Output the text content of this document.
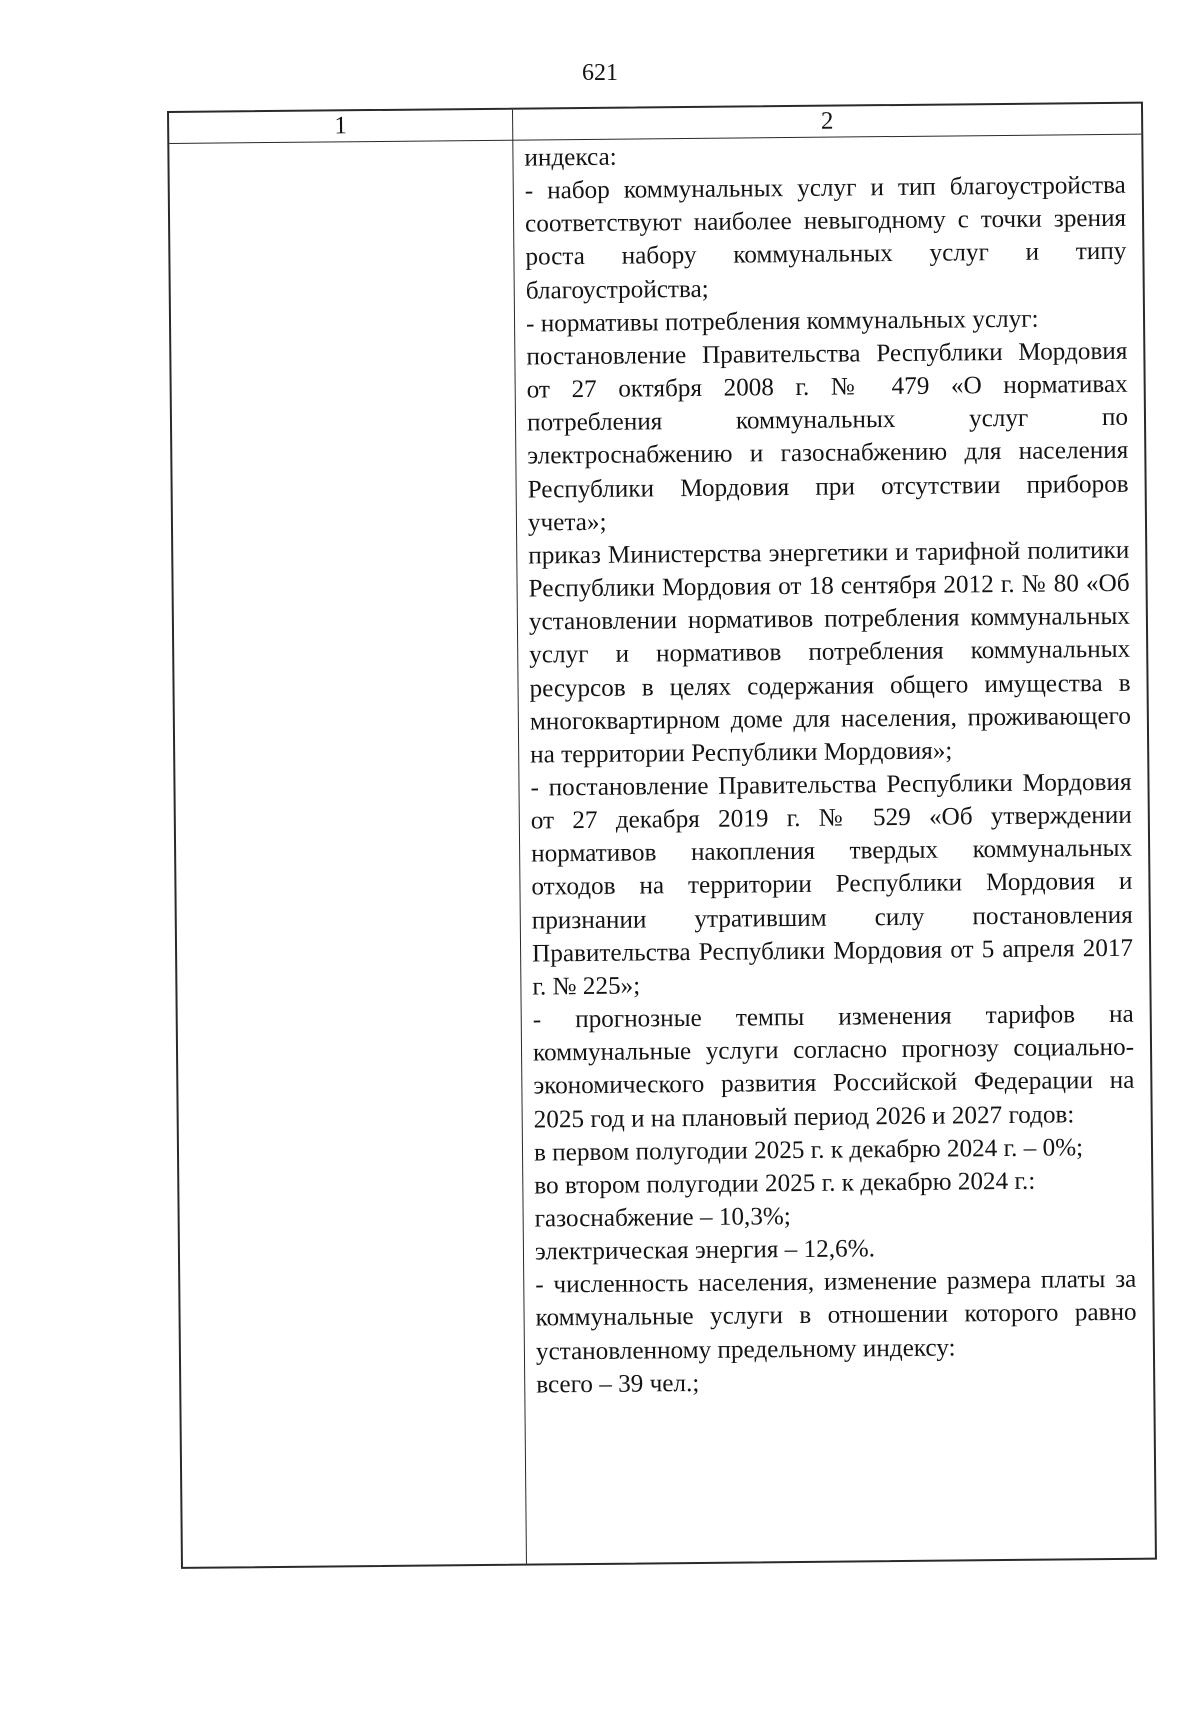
621
1	2

индекса:

- набор коммунальных услуг и тип благоустройства соответствуют наиболее невыгодному с точки зрения роста набору коммунальных услуг и типу благоустройства;

- нормативы потребления коммунальных услуг:

постановление Правительства Республики Мордовия от 27 октября 2008 г. № 479 «О нормативах потребления коммунальных услуг по электроснабжению и газоснабжению для населения Республики Мордовия при отсутствии приборов учета»;

приказ Министерства энергетики и тарифной политики Республики Мордовия от 18 сентября 2012 г. № 80 «Об установлении нормативов потребления коммунальных услуг и нормативов потребления коммунальных ресурсов в целях содержания общего имущества в многоквартирном доме для населения, проживающего на территории Республики Мордовия»;

- постановление Правительства Республики Мордовия от 27 декабря 2019 г. № 529 «Об утверждении нормативов накопления твердых коммунальных отходов на территории Республики Мордовия и признании утратившим силу постановления Правительства Республики Мордовия от 5 апреля 2017 г. № 225»;

- прогнозные темпы изменения тарифов на коммунальные услуги согласно прогнозу социально-экономического развития Российской Федерации на 2025 год и на плановый период 2026 и 2027 годов:

в первом полугодии 2025 г. к декабрю 2024 г. – 0%;

во втором полугодии 2025 г. к декабрю 2024 г.:

газоснабжение – 10,3%;

электрическая энергия – 12,6%.

- численность населения, изменение размера платы за коммунальные услуги в отношении которого равно установленному предельному индексу:

всего – 39 чел.;
